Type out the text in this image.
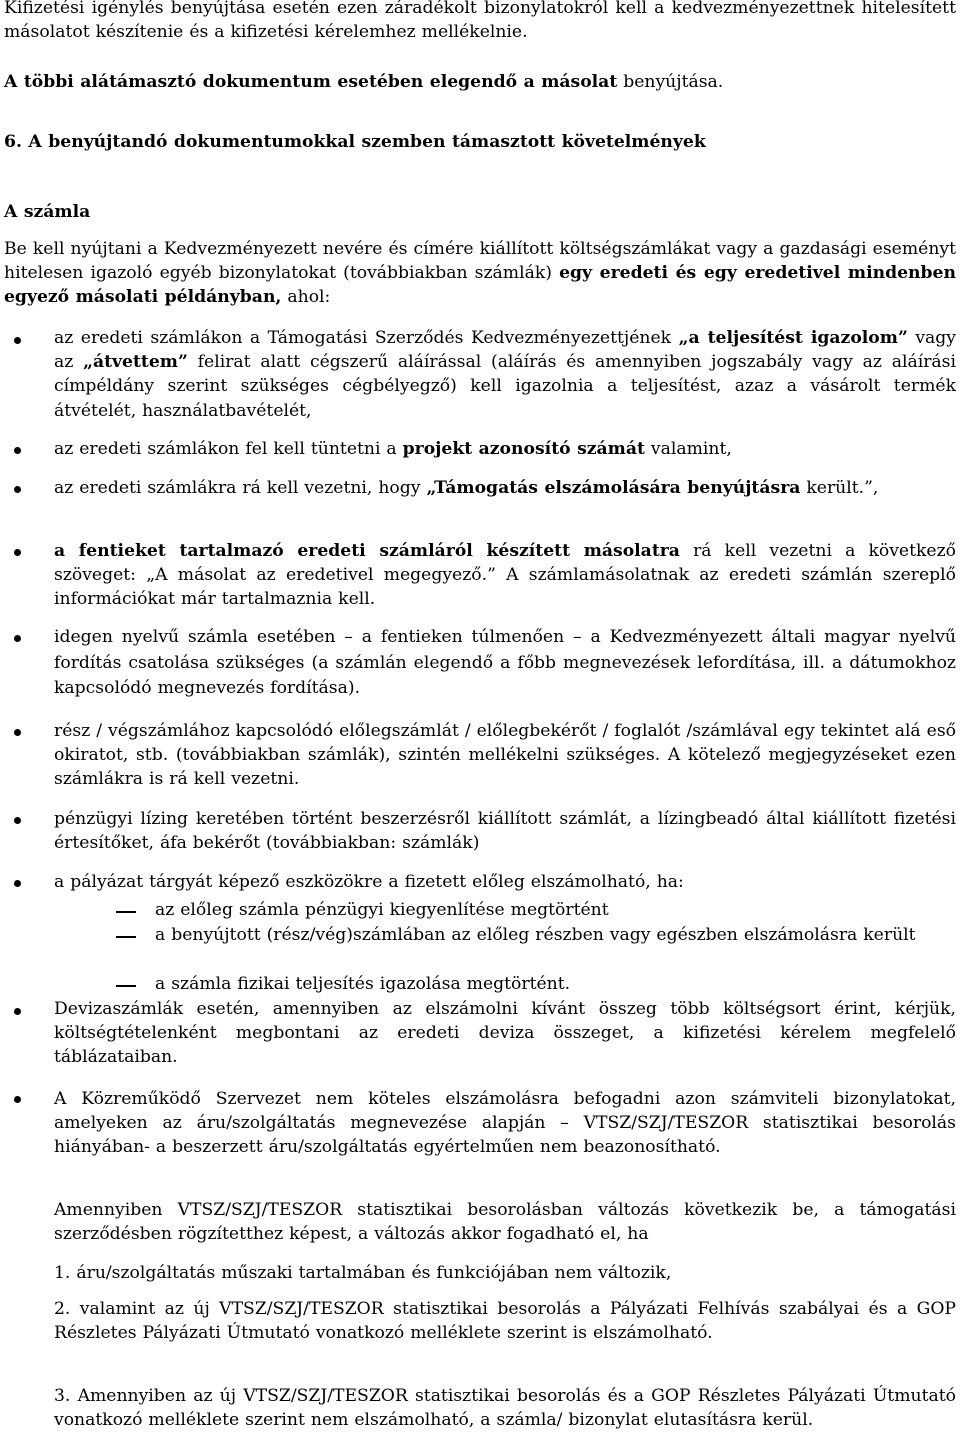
Kifizetési igénylés benyújtása esetén ezen záradékolt bizonylatokról kell a kedvezményezettnek hitelesített másolatot készítenie és a kifizetési kérelemhez mellékelnie.
A többi alátámasztó dokumentum esetében elegendő a másolat benyújtása.
6. A benyújtandó dokumentumokkal szemben támasztott követelmények
A számla
Be kell nyújtani a Kedvezményezett nevére és címére kiállított költségszámlákat vagy a gazdasági eseményt hitelesen igazoló egyéb bizonylatokat (továbbiakban számlák) egy eredeti és egy eredetivel mindenben egyező másolati példányban, ahol:
az eredeti számlákon a Támogatási Szerződés Kedvezményezettjének „a teljesítést igazolom” vagy az „átvettem” felirat alatt cégszerű aláírással (aláírás és amennyiben jogszabály vagy az aláírási címpéldány szerint szükséges cégbélyegző) kell igazolnia a teljesítést, azaz a vásárolt termék átvételét, használatbavételét,
az eredeti számlákon fel kell tüntetni a projekt azonosító számát valamint,
az eredeti számlákra rá kell vezetni, hogy „Támogatás elszámolására benyújtásra került.”,
a fentieket tartalmazó eredeti számláról készített másolatra rá kell vezetni a következő szöveget: „A másolat az eredetivel megegyező.” A számlamásolatnak az eredeti számlán szereplő információkat már tartalmaznia kell.
idegen nyelvű számla esetében – a fentieken túlmenően – a Kedvezményezett általi magyar nyelvű fordítás csatolása szükséges (a számlán elegendő a főbb megnevezések lefordítása, ill. a dátumokhoz kapcsolódó megnevezés fordítása).
rész / végszámlához kapcsolódó előlegszámlát / előlegbekérőt / foglalót /számlával egy tekintet alá eső okiratot, stb. (továbbiakban számlák), szintén mellékelni szükséges. A kötelező megjegyzéseket ezen számlákra is rá kell vezetni.
pénzügyi lízing keretében történt beszerzésről kiállított számlát, a lízingbeadó által kiállított fizetési értesítőket, áfa bekérőt (továbbiakban: számlák)
a pályázat tárgyát képező eszközökre a fizetett előleg elszámolható, ha:
az előleg számla pénzügyi kiegyenlítése megtörtént
a benyújtott (rész/vég)számlában az előleg részben vagy egészben elszámolásra került
a számla fizikai teljesítés igazolása megtörtént.
Devizaszámlák esetén, amennyiben az elszámolni kívánt összeg több költségsort érint, kérjük, költségtételenként megbontani az eredeti deviza összeget, a kifizetési kérelem megfelelő táblázataiban.
A Közreműködő Szervezet nem köteles elszámolásra befogadni azon számviteli bizonylatokat, amelyeken az áru/szolgáltatás megnevezése alapján – VTSZ/SZJ/TESZOR statisztikai besorolás hiányában- a beszerzett áru/szolgáltatás egyértelműen nem beazonosítható.
Amennyiben VTSZ/SZJ/TESZOR statisztikai besorolásban változás következik be, a támogatási szerződésben rögzítetthez képest, a változás akkor fogadható el, ha
1. áru/szolgáltatás műszaki tartalmában és funkciójában nem változik,
2. valamint az új VTSZ/SZJ/TESZOR statisztikai besorolás a Pályázati Felhívás szabályai és a GOP Részletes Pályázati Útmutató vonatkozó melléklete szerint is elszámolható.
3. Amennyiben az új VTSZ/SZJ/TESZOR statisztikai besorolás és a GOP Részletes Pályázati Útmutató vonatkozó melléklete szerint nem elszámolható, a számla/ bizonylat elutasításra kerül.
